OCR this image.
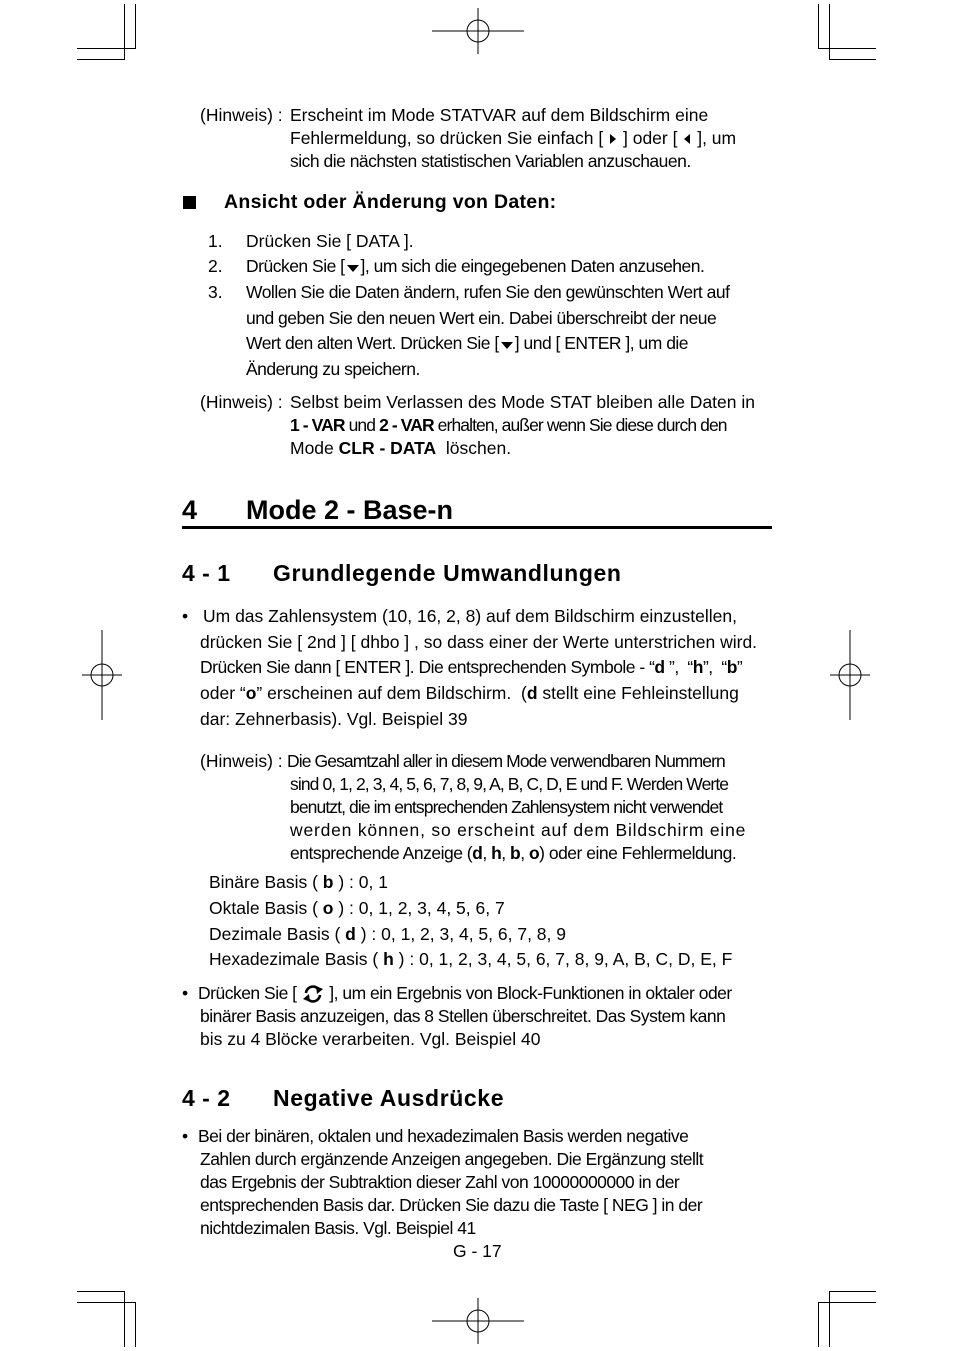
(Hinweis) : Erscheint im Mode STATVAR auf dem Bildschirm eine
Fehlermeldung, so drücken Sie einfach [ ] oder [ ], um
sich die nächsten statistischen Variablen anzuschauen.
Ansicht oder Änderung von Daten:
1. Drücken Sie [ DATA ].
2. Drücken Sie [ ], um sich die eingegebenen Daten anzusehen.
3. Wollen Sie die Daten ändern, rufen Sie den gewünschten Wert auf
und geben Sie den neuen Wert ein. Dabei überschreibt der neue
Wert den alten Wert. Drücken Sie [ ] und [ ENTER ], um die
Änderung zu speichern.
(Hinweis) : Selbst beim Verlassen des Mode STAT bleiben alle Daten in
1 - VAR und 2 - VAR erhalten, außer wenn Sie diese durch den
Mode CLR - DATA  löschen.
4 Mode 2 - Base-n
4 - 1 Grundlegende Umwandlungen
• Um das Zahlensystem (10, 16, 2, 8) auf dem Bildschirm einzustellen,
drücken Sie [ 2nd ] [ dhbo ] , so dass einer der Werte unterstrichen wird.
Drücken Sie dann [ ENTER ]. Die entsprechenden Symbole - “d ”,  “h”,  “b”
oder “o” erscheinen auf dem Bildschirm.  (d stellt eine Fehleinstellung
dar: Zehnerbasis). Vgl. Beispiel 39
(Hinweis) : Die Gesamtzahl aller in diesem Mode verwendbaren Nummern
sind 0, 1, 2, 3, 4, 5, 6, 7, 8, 9, A, B, C, D, E und F. Werden Werte
benutzt, die im entsprechenden Zahlensystem nicht verwendet
werden können, so erscheint auf dem Bildschirm eine
entsprechende Anzeige (d, h, b, o) oder eine Fehlermeldung.
Binäre Basis ( b ) : 0, 1
Oktale Basis ( o ) : 0, 1, 2, 3, 4, 5, 6, 7
Dezimale Basis ( d ) : 0, 1, 2, 3, 4, 5, 6, 7, 8, 9
Hexadezimale Basis ( h ) : 0, 1, 2, 3, 4, 5, 6, 7, 8, 9, A, B, C, D, E, F
• Drücken Sie [ ], um ein Ergebnis von Block-Funktionen in oktaler oder
binärer Basis anzuzeigen, das 8 Stellen überschreitet. Das System kann
bis zu 4 Blöcke verarbeiten. Vgl. Beispiel 40
4 - 2 Negative Ausdrücke
• Bei der binären, oktalen und hexadezimalen Basis werden negative
Zahlen durch ergänzende Anzeigen angegeben. Die Ergänzung stellt
das Ergebnis der Subtraktion dieser Zahl von 10000000000 in der
entsprechenden Basis dar. Drücken Sie dazu die Taste [ NEG ] in der
nichtdezimalen Basis. Vgl. Beispiel 41
G - 17
